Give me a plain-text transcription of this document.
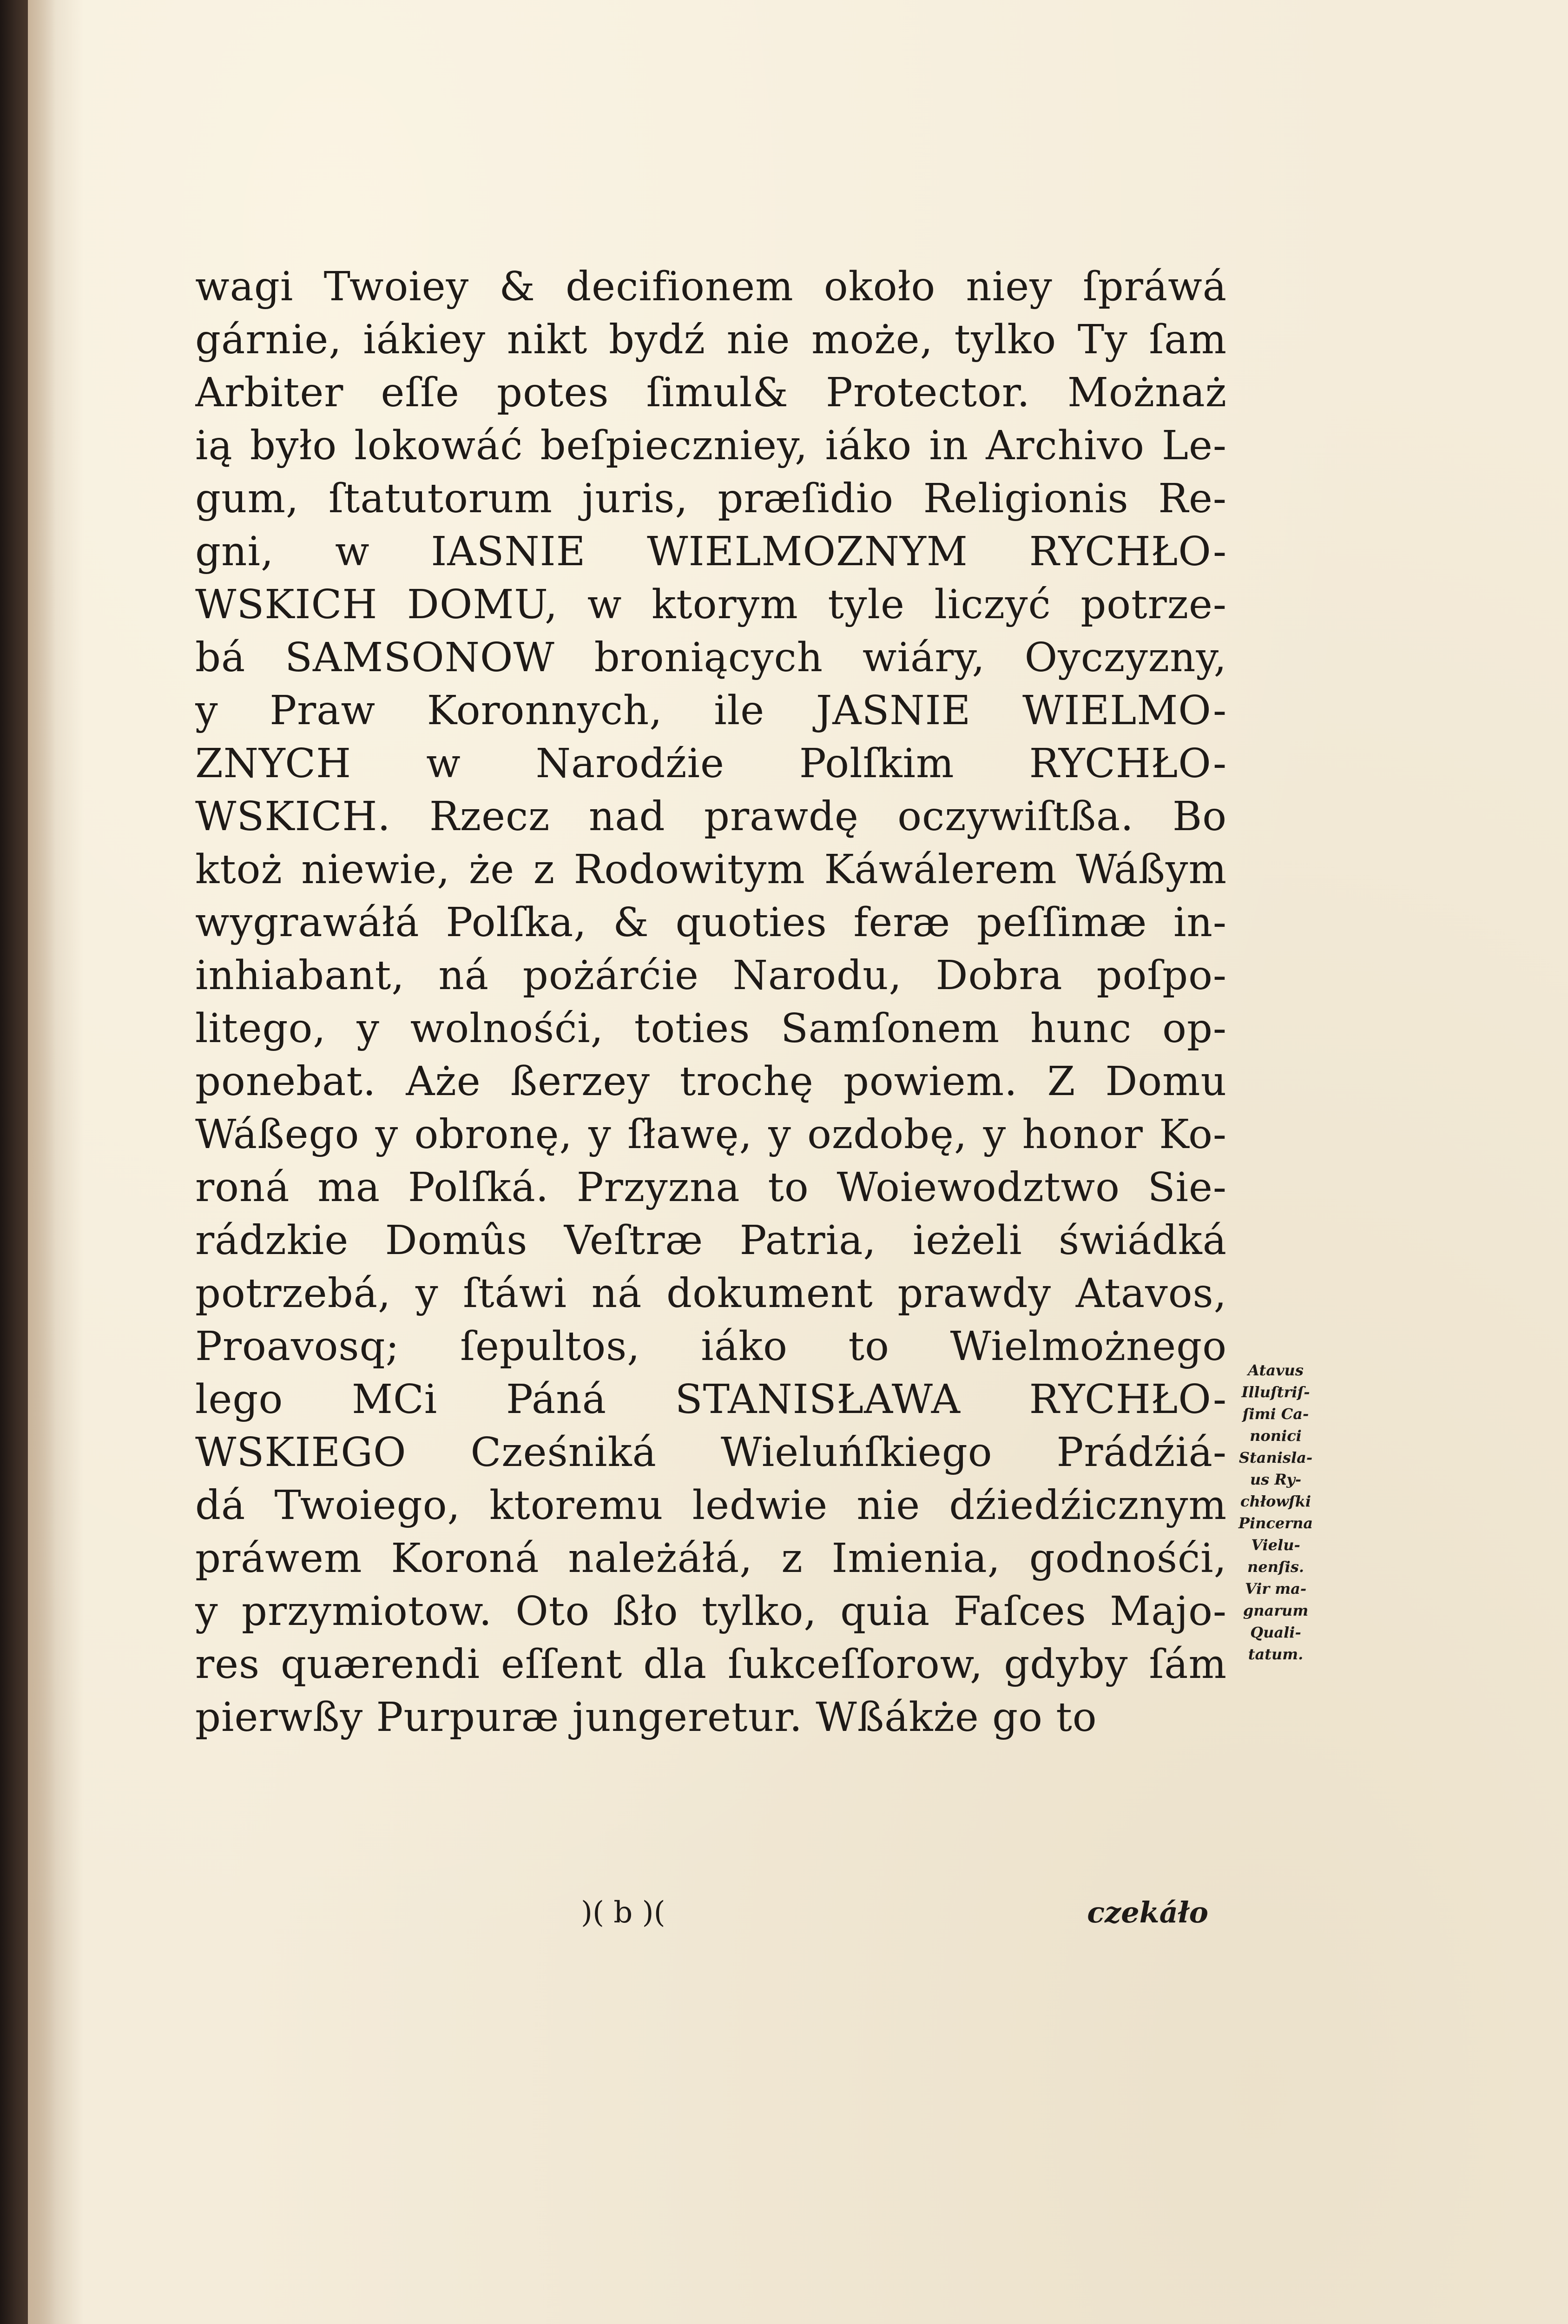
wagi Twoiey & decifionem około niey ſpráwá
gárnie, iákiey nikt bydź nie może, tylko Ty ſam
Arbiter eſſe potes ſimul& Protector. Możnaż
ią było lokowáć beſpieczniey, iáko in Archivo Le-
gum, ſtatutorum juris, præſidio Religionis Re-
gni, w IASNIE WIELMOZNYM RYCHŁO-
WSKICH DOMU, w ktorym tyle liczyć potrze-
bá SAMSONOW broniących wiáry, Oyczyzny,
y Praw Koronnych, ile JASNIE WIELMO-
ZNYCH w Narodźie Polſkim RYCHŁO-
WSKICH. Rzecz nad prawdę oczywiſtßa. Bo
ktoż niewie, że z Rodowitym Káwálerem Wáßym
wygrawáłá Polſka, & quoties feræ peſſimæ in-
inhiabant, ná pożárćie Narodu, Dobra poſpo-
litego, y wolnośći, toties Samſonem hunc op-
ponebat. Aże ßerzey trochę powiem. Z Domu
Wáßego y obronę, y ſławę, y ozdobę, y honor Ko-
roná ma Polſká. Przyzna to Woiewodztwo Sie-
rádzkie Domûs Veſtræ Patria, ieżeli świádká
potrzebá, y ſtáwi ná dokument prawdy Atavos,
Proavosq; ſepultos, iáko to Wielmożnego
lego MCi Páná STANISŁAWA RYCHŁO-
WSKIEGO Cześniká Wieluńſkiego Prádźiá-
dá Twoiego, ktoremu ledwie nie dźiedźicznym
práwem Koroná należáłá, z Imienia, godnośći,
y przymiotow. Oto ßło tylko, quia Faſces Majo-
res quærendi eſſent dla ſukceſſorow, gdyby ſám
pierwßy Purpuræ jungeretur. Wßákże go to
Atavus
Illuſtriſ-
ſimi Ca-
nonici
Stanisla-
us Ry-
chłowſki
Pincerna
Vielu-
nenſis.
Vir ma-
gnarum
Quali-
tatum.
)( b )(	czekáło
